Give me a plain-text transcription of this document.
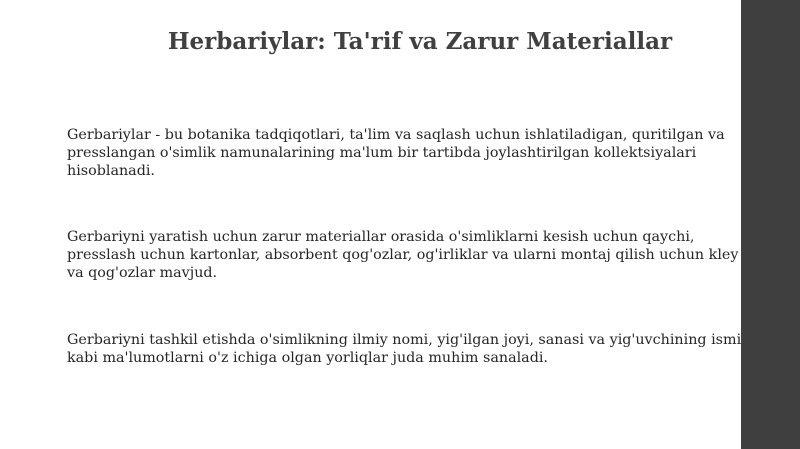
Herbariylar: Ta'rif va Zarur Materiallar

Gerbariylar - bu botanika tadqiqotlari, ta'lim va saqlash uchun ishlatiladigan, quritilgan va presslangan o'simlik namunalarining ma'lum bir tartibda joylashtirilgan kollektsiyalari hisoblanadi.

Gerbariyni yaratish uchun zarur materiallar orasida o'simliklarni kesish uchun qaychi, presslash uchun kartonlar, absorbent qog'ozlar, og'irliklar va ularni montaj qilish uchun kley va qog'ozlar mavjud.

Gerbariyni tashkil etishda o'simlikning ilmiy nomi, yig'ilgan joyi, sanasi va yig'uvchining ismi kabi ma'lumotlarni o'z ichiga olgan yorliqlar juda muhim sanaladi.
